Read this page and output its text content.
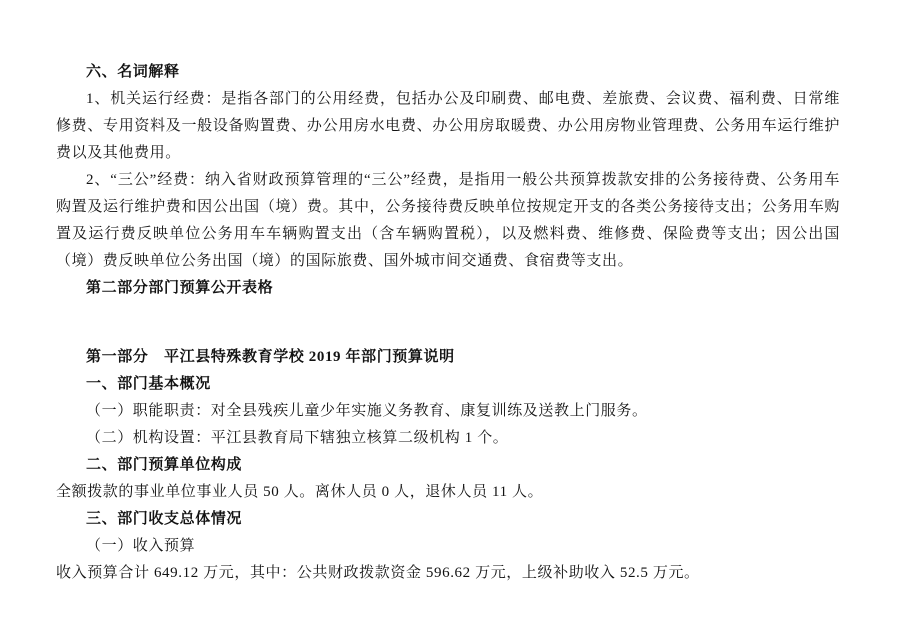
六、名词解释

1、机关运行经费：是指各部门的公用经费，包括办公及印刷费、邮电费、差旅费、会议费、福利费、日常维修费、专用资料及一般设备购置费、办公用房水电费、办公用房取暖费、办公用房物业管理费、公务用车运行维护费以及其他费用。

2、“三公”经费：纳入省财政预算管理的“三公”经费，是指用一般公共预算拨款安排的公务接待费、公务用车购置及运行维护费和因公出国（境）费。其中，公务接待费反映单位按规定开支的各类公务接待支出；公务用车购置及运行费反映单位公务用车车辆购置支出（含车辆购置税），以及燃料费、维修费、保险费等支出；因公出国（境）费反映单位公务出国（境）的国际旅费、国外城市间交通费、食宿费等支出。

第二部分部门预算公开表格

第一部分　平江县特殊教育学校 2019 年部门预算说明

一、部门基本概况

（一）职能职责：对全县残疾儿童少年实施义务教育、康复训练及送教上门服务。

（二）机构设置：平江县教育局下辖独立核算二级机构 1 个。

二、部门预算单位构成

全额拨款的事业单位事业人员 50 人。离休人员 0 人，退休人员 11 人。

三、部门收支总体情况

（一）收入预算

收入预算合计 649.12 万元，其中：公共财政拨款资金 596.62 万元，上级补助收入 52.5 万元。
